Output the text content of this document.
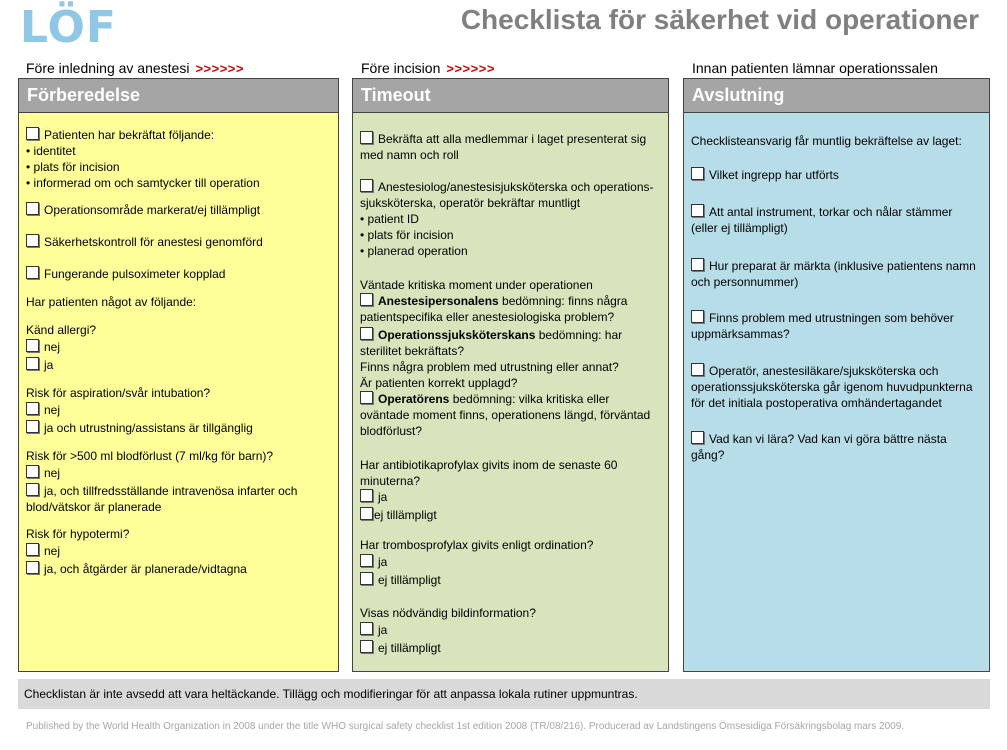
LÖF	Checklista för säkerhet vid operationer
Före inledning av anestesi >>>>>>	Före incision >>>>>>	Innan patienten lämnar operationssalen
Förberedelse
Patienten har bekräftat följande:
• identitet
• plats för incision
• informerad om och samtycker till operation
Operationsområde markerat/ej tillämpligt
Säkerhetskontroll för anestesi genomförd
Fungerande pulsoximeter kopplad
Har patienten något av följande:
Känd allergi?
nej
ja
Risk för aspiration/svår intubation?
nej
ja och utrustning/assistans är tillgänglig
Risk för >500 ml blodförlust (7 ml/kg för barn)?
nej
ja, och tillfredsställande intravenösa infarter och
blod/vätskor är planerade
Risk för hypotermi?
nej
ja, och åtgärder är planerade/vidtagna
Timeout
Bekräfta att alla medlemmar i laget presenterat sig
med namn och roll
Anestesiolog/anestesisjuksköterska och operations-
sjuksköterska, operatör bekräftar muntligt
• patient ID
• plats för incision
• planerad operation
Väntade kritiska moment under operationen
Anestesipersonalens bedömning: finns några
patientspecifika eller anestesiologiska problem?
Operationssjuksköterskans bedömning: har
sterilitet bekräftats?
Finns några problem med utrustning eller annat?
Är patienten korrekt upplagd?
Operatörens bedömning: vilka kritiska eller
oväntade moment finns, operationens längd, förväntad
blodförlust?
Har antibiotikaprofylax givits inom de senaste 60
minuterna?
ja
ej tillämpligt
Har trombosprofylax givits enligt ordination?
ja
ej tillämpligt
Visas nödvändig bildinformation?
ja
ej tillämpligt
Avslutning
Checklisteansvarig får muntlig bekräftelse av laget:
Vilket ingrepp har utförts
Att antal instrument, torkar och nålar stämmer
(eller ej tillämpligt)
Hur preparat är märkta (inklusive patientens namn
och personnummer)
Finns problem med utrustningen som behöver
uppmärksammas?
Operatör, anestesiläkare/sjuksköterska och
operationssjuksköterska går igenom huvudpunkterna
för det initiala postoperativa omhändertagandet
Vad kan vi lära? Vad kan vi göra bättre nästa
gång?
Checklistan är inte avsedd att vara heltäckande. Tillägg och modifieringar för att anpassa lokala rutiner uppmuntras.
Published by the World Health Organization in 2008 under the title WHO surgical safety checklist 1st edition 2008 (TR/08/216). Producerad av Landstingens Ömsesidiga Försäkringsbolag mars 2009.
